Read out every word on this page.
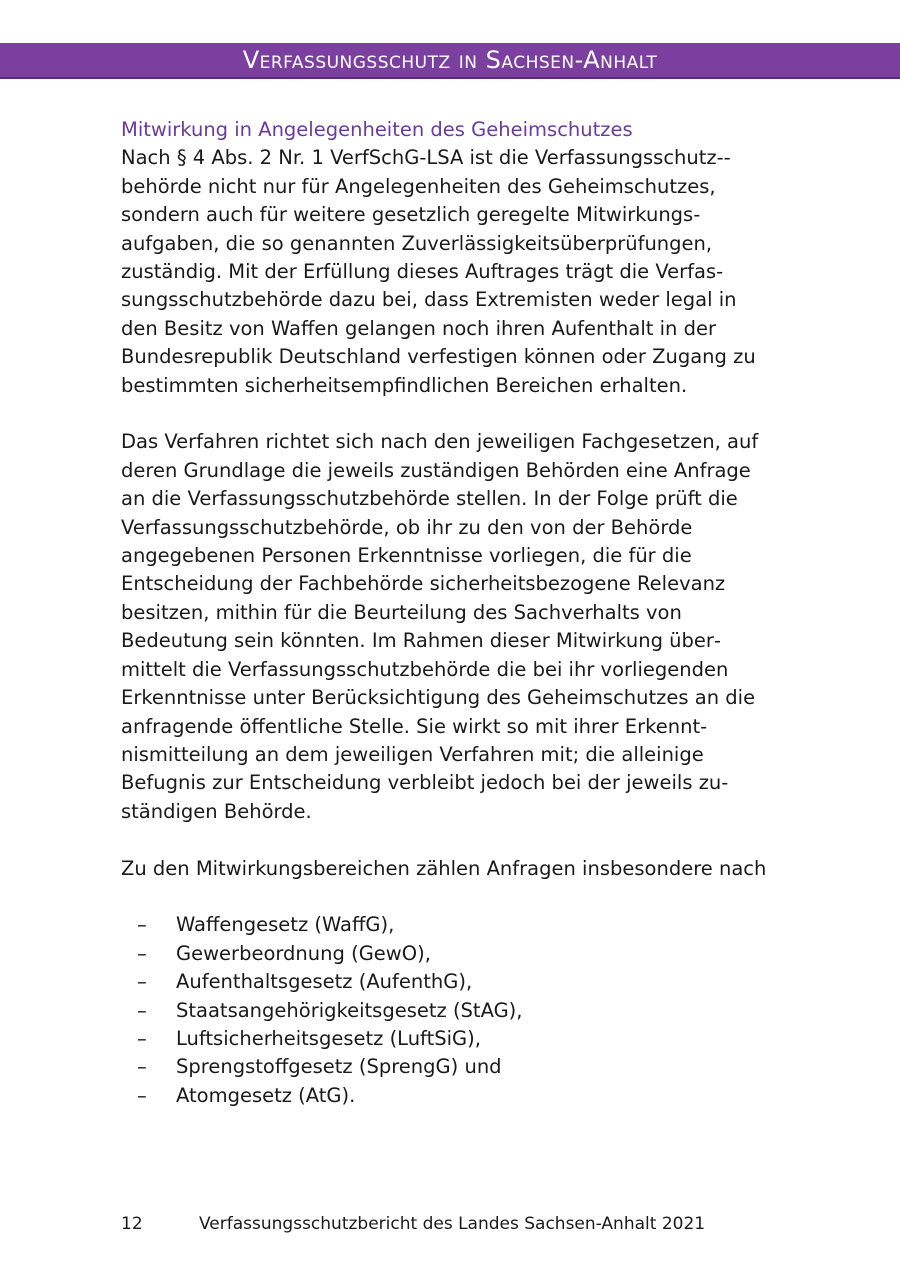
Verfassungsschutz in Sachsen-Anhalt
Mitwirkung in Angelegenheiten des Geheimschutzes

Nach § 4 Abs. 2 Nr. 1 VerfSchG-LSA ist die Verfassungsschutz-behörde nicht nur für Angelegenheiten des Geheimschutzes, sondern auch für weitere gesetzlich geregelte Mitwirkungsaufgaben, die so genannten Zuverlässigkeitsüberprüfungen, zuständig. Mit der Erfüllung dieses Auftrages trägt die Verfassungsschutzbehörde dazu bei, dass Extremisten weder legal in den Besitz von Waffen gelangen noch ihren Aufenthalt in der Bundesrepublik Deutschland verfestigen können oder Zugang zu bestimmten sicherheitsempfindlichen Bereichen erhalten.

Das Verfahren richtet sich nach den jeweiligen Fachgesetzen, auf deren Grundlage die jeweils zuständigen Behörden eine Anfrage an die Verfassungsschutzbehörde stellen. In der Folge prüft die Verfassungsschutzbehörde, ob ihr zu den von der Behörde angegebenen Personen Erkenntnisse vorliegen, die für die Entscheidung der Fachbehörde sicherheitsbezogene Relevanz besitzen, mithin für die Beurteilung des Sachverhalts von Bedeutung sein könnten. Im Rahmen dieser Mitwirkung übermittelt die Verfassungsschutzbehörde die bei ihr vorliegenden Erkenntnisse unter Berücksichtigung des Geheimschutzes an die anfragende öffentliche Stelle. Sie wirkt so mit ihrer Erkenntnismitteilung an dem jeweiligen Verfahren mit; die alleinige Befugnis zur Entscheidung verbleibt jedoch bei der jeweils zuständigen Behörde.

Zu den Mitwirkungsbereichen zählen Anfragen insbesondere nach

– Waffengesetz (WaffG),
– Gewerbeordnung (GewO),
– Aufenthaltsgesetz (AufenthG),
– Staatsangehörigkeitsgesetz (StAG),
– Luftsicherheitsgesetz (LuftSiG),
– Sprengstoffgesetz (SprengG) und
– Atomgesetz (AtG).
12	Verfassungsschutzbericht des Landes Sachsen-Anhalt 2021
